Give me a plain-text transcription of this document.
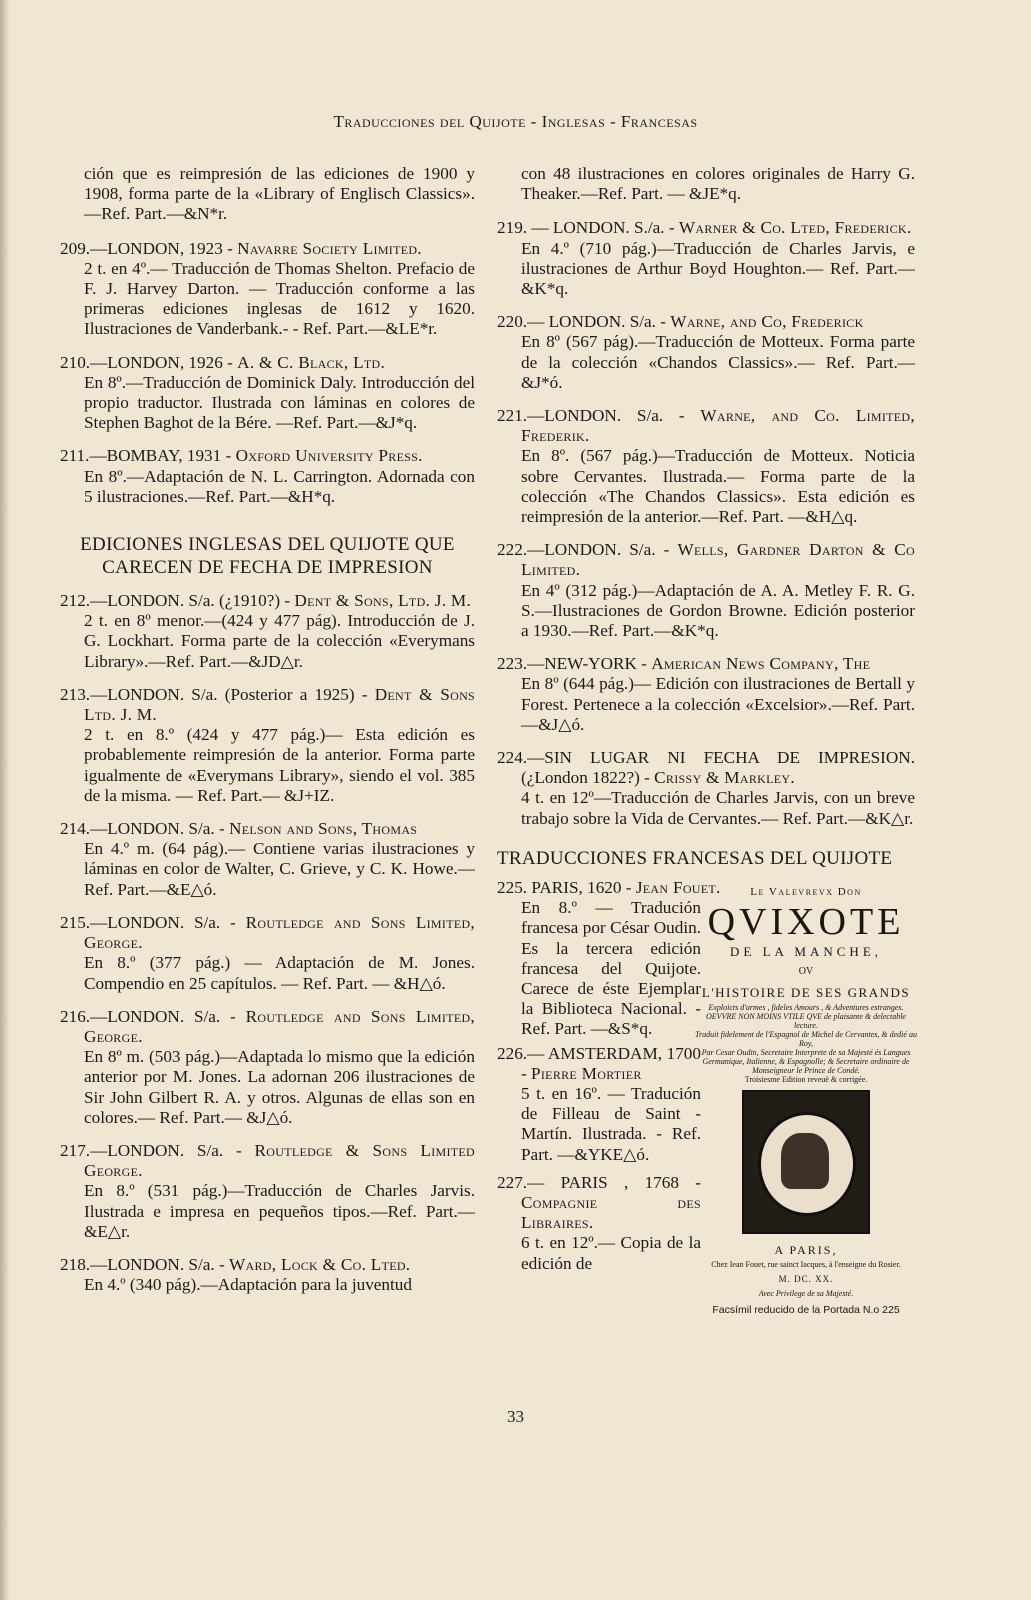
Traducciones del Quijote - Inglesas - Francesas

ción que es reimpresión de las ediciones de 1900 y 1908, forma parte de la «Library of Englisch Classics».—Ref. Part.—&N*r.

209.—LONDON, 1923 - Navarre Society Limited.
2 t. en 4º.— Traducción de Thomas Shelton. Prefacio de F. J. Harvey Darton. — Traducción conforme a las primeras ediciones inglesas de 1612 y 1620. Ilustraciones de Vanderbank.- - Ref. Part.—&LE*r.
210.—LONDON, 1926 - A. & C. Black, Ltd.
En 8º.—Traducción de Dominick Daly. Introducción del propio traductor. Ilustrada con láminas en colores de Stephen Baghot de la Bére. —Ref. Part.—&J*q.
211.—BOMBAY, 1931 - Oxford University Press.
En 8º.—Adaptación de N. L. Carrington. Adornada con 5 ilustraciones.—Ref. Part.—&H*q.
EDICIONES INGLESAS DEL QUIJOTE QUE CARECEN DE FECHA DE IMPRESION
212.—LONDON. S/a. (¿1910?) - Dent & Sons, Ltd. J. M.
2 t. en 8º menor.—(424 y 477 pág). Introducción de J. G. Lockhart. Forma parte de la colección «Everymans Library».—Ref. Part.—&JD△r.
213.—LONDON. S/a. (Posterior a 1925) - Dent & Sons Ltd. J. M.
2 t. en 8.º (424 y 477 pág.)— Esta edición es probablemente reimpresión de la anterior. Forma parte igualmente de «Everymans Library», siendo el vol. 385 de la misma. — Ref. Part.— &J+IZ.
214.—LONDON. S/a. - Nelson and Sons, Thomas
En 4.º m. (64 pág).— Contiene varias ilustraciones y láminas en color de Walter, C. Grieve, y C. K. Howe.—Ref. Part.—&E△ó.
215.—LONDON. S/a. - Routledge and Sons Limited, George.
En 8.º (377 pág.) — Adaptación de M. Jones. Compendio en 25 capítulos. — Ref. Part. — &H△ó.
216.—LONDON. S/a. - Routledge and Sons Limited, George.
En 8º m. (503 pág.)—Adaptada lo mismo que la edición anterior por M. Jones. La adornan 206 ilustraciones de Sir John Gilbert R. A. y otros. Algunas de ellas son en colores.— Ref. Part.— &J△ó.
217.—LONDON. S/a. - Routledge & Sons Limited George.
En 8.º (531 pág.)—Traducción de Charles Jarvis. Ilustrada e impresa en pequeños tipos.—Ref. Part.—&E△r.
218.—LONDON. S/a. - Ward, Lock & Co. Lted.
En 4.º (340 pág).—Adaptación para la juventud

con 48 ilustraciones en colores originales de Harry G. Theaker.—Ref. Part. — &JE*q.

219. — LONDON. S./a. - Warner & Co. Lted, Frederick.
En 4.º (710 pág.)—Traducción de Charles Jarvis, e ilustraciones de Arthur Boyd Houghton.— Ref. Part.—&K*q.
220.— LONDON. S/a. - Warne, and Co, Frederick
En 8º (567 pág).—Traducción de Motteux. Forma parte de la colección «Chandos Classics».— Ref. Part.—&J*ó.
221.—LONDON. S/a. - Warne, and Co. Limited, Frederik.
En 8º. (567 pág.)—Traducción de Motteux. Noticia sobre Cervantes. Ilustrada.— Forma parte de la colección «The Chandos Classics». Esta edición es reimpresión de la anterior.—Ref. Part. —&H△q.
222.—LONDON. S/a. - Wells, Gardner Darton & Co Limited.
En 4º (312 pág.)—Adaptación de A. A. Metley F. R. G. S.—Ilustraciones de Gordon Browne. Edición posterior a 1930.—Ref. Part.—&K*q.
223.—NEW-YORK - American News Company, The
En 8º (644 pág.)— Edición con ilustraciones de Bertall y Forest. Pertenece a la colección «Excelsior».—Ref. Part.—&J△ó.
224.—SIN LUGAR NI FECHA DE IMPRESION. (¿London 1822?) - Crissy & Markley.
4 t. en 12º—Traducción de Charles Jarvis, con un breve trabajo sobre la Vida de Cervantes.— Ref. Part.—&K△r.
TRADUCCIONES FRANCESAS DEL QUIJOTE
225. PARIS, 1620 - Jean Fouet.
En 8.º — Tradución francesa por César Oudin. Es la tercera edición francesa del Quijote. Carece de éste Ejemplar la Biblioteca Nacional. - Ref. Part. —&S*q.
226.— AMSTERDAM, 1700 - Pierre Mortier
5 t. en 16º. — Tradución de Filleau de Saint - Martín. Ilustrada. - Ref. Part. —&YKE△ó.
227.— PARIS , 1768 - Compagnie des Libraires.
6 t. en 12º.— Copia de la edición de
Le Valevrevx Don
QVIXOTE
DE LA MANCHE,
OV
L'HISTOIRE DE SES GRANDS
Exploicts d'armes , fideles Amours , & Adventures estranges.
OEVVRE NON MOINS VTILE QVE de plaisante & delectable lecture.
Traduit fidelement de l'Espagnol de Michel de Cervantes, & dedié au Roy,
Par Cesar Oudin, Secretaire Interprete de sa Majesté és Langues Germanique, Italienne, & Espagnolle; & Secretaire ordinaire de Monseigneur le Prince de Condé.
Troisiesme Edition reveuë & corrigée.
A PARIS,
Chez Iean Fouet, rue sainct Iacques, à l'enseigne du Rosier.
M. DC. XX.
Avec Privilege de sa Majesté.
Facsímil reducido de la Portada N.o 225
33
